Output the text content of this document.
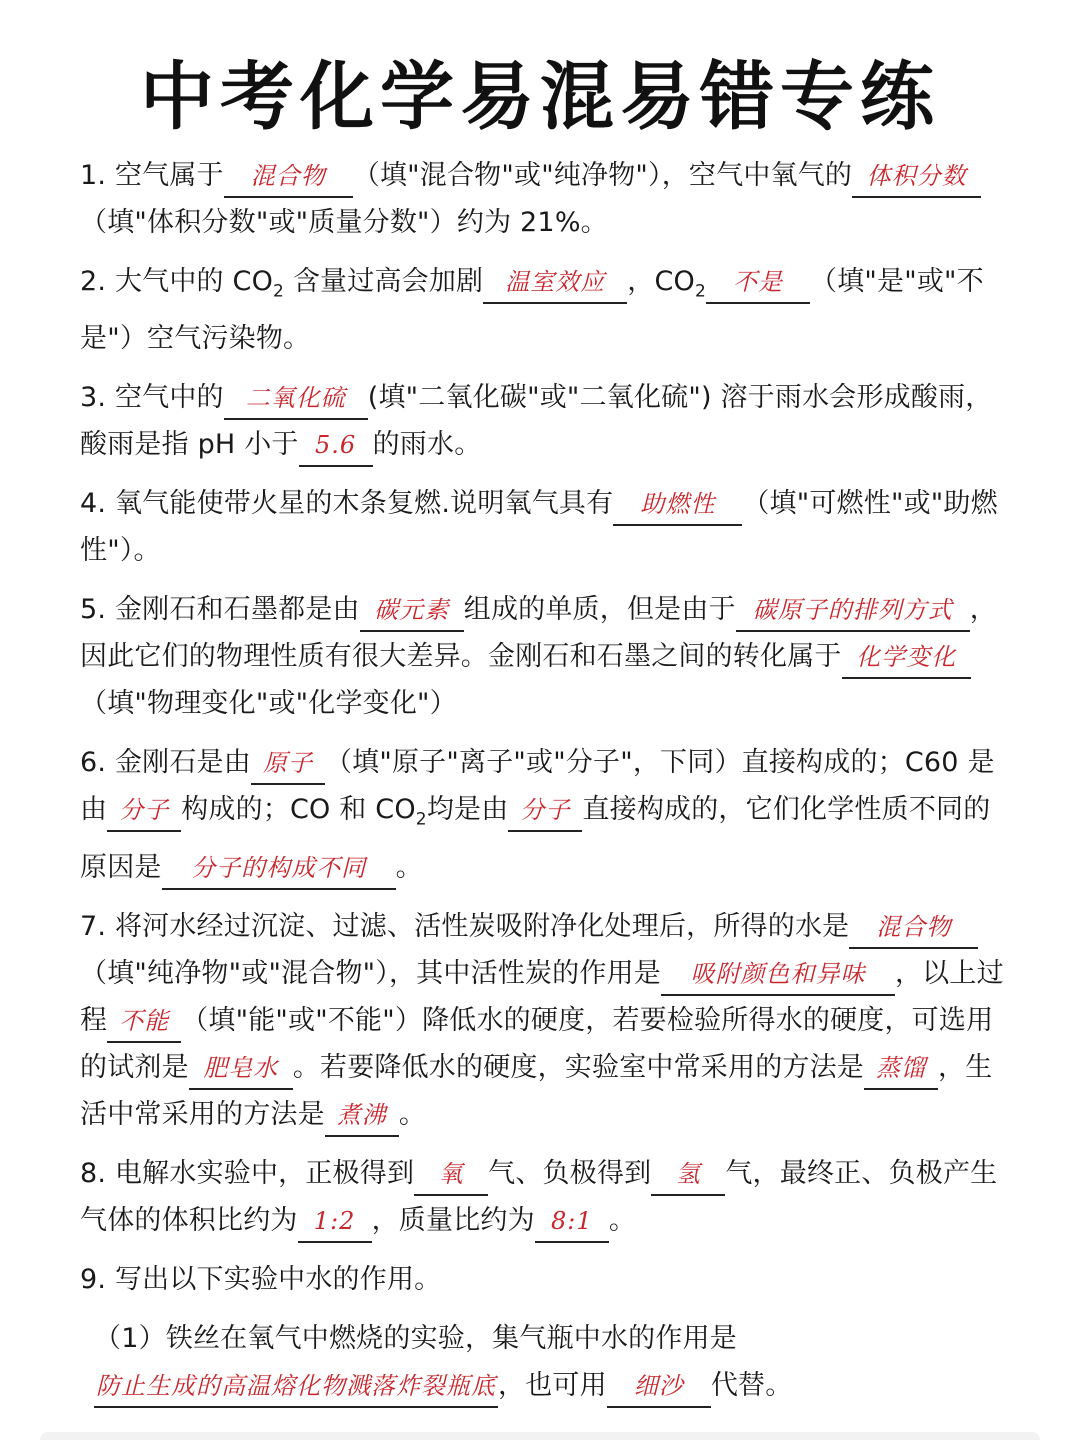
中考化学易混易错专练

1. 空气属于 混合物 （填"混合物"或"纯净物"），空气中氧气的 体积分数（填"体积分数"或"质量分数"）约为 21%。

2. 大气中的 $CO_2$ 含量过高会加剧 温室效应 ，$CO_2$ 不是 （填"是"或"不是"）空气污染物。

3. 空气中的 二氧化硫 (填"二氧化碳"或"二氧化硫") 溶于雨水会形成酸雨，酸雨是指 pH 小于 5.6 的雨水。

4. 氧气能使带火星的木条复燃.说明氧气具有 助燃性 （填"可燃性"或"助燃性"）。

5. 金刚石和石墨都是由 碳元素 组成的单质，但是由于 碳原子的排列方式 ，因此它们的物理性质有很大差异。金刚石和石墨之间的转化属于 化学变化（填"物理变化"或"化学变化"）

6. 金刚石是由 原子 （填"原子"离子"或"分子"，下同）直接构成的；C60 是由 分子 构成的；CO 和 $CO_2$均是由 分子 直接构成的，它们化学性质不同的原因是 分子的构成不同 。

7. 将河水经过沉淀、过滤、活性炭吸附净化处理后，所得的水是 混合物（填"纯净物"或"混合物"），其中活性炭的作用是 吸附颜色和异味 ，以上过程 不能 （填"能"或"不能"）降低水的硬度，若要检验所得水的硬度，可选用的试剂是 肥皂水 。若要降低水的硬度，实验室中常采用的方法是 蒸馏 ，生活中常采用的方法是 煮沸 。

8. 电解水实验中，正极得到 氧 气、负极得到 氢 气，最终正、负极产生气体的体积比约为 1:2 ，质量比约为 8:1 。

9. 写出以下实验中水的作用。

（1）铁丝在氧气中燃烧的实验，集气瓶中水的作用是防止生成的高温熔化物溅落炸裂瓶底，也可用 细沙 代替。
